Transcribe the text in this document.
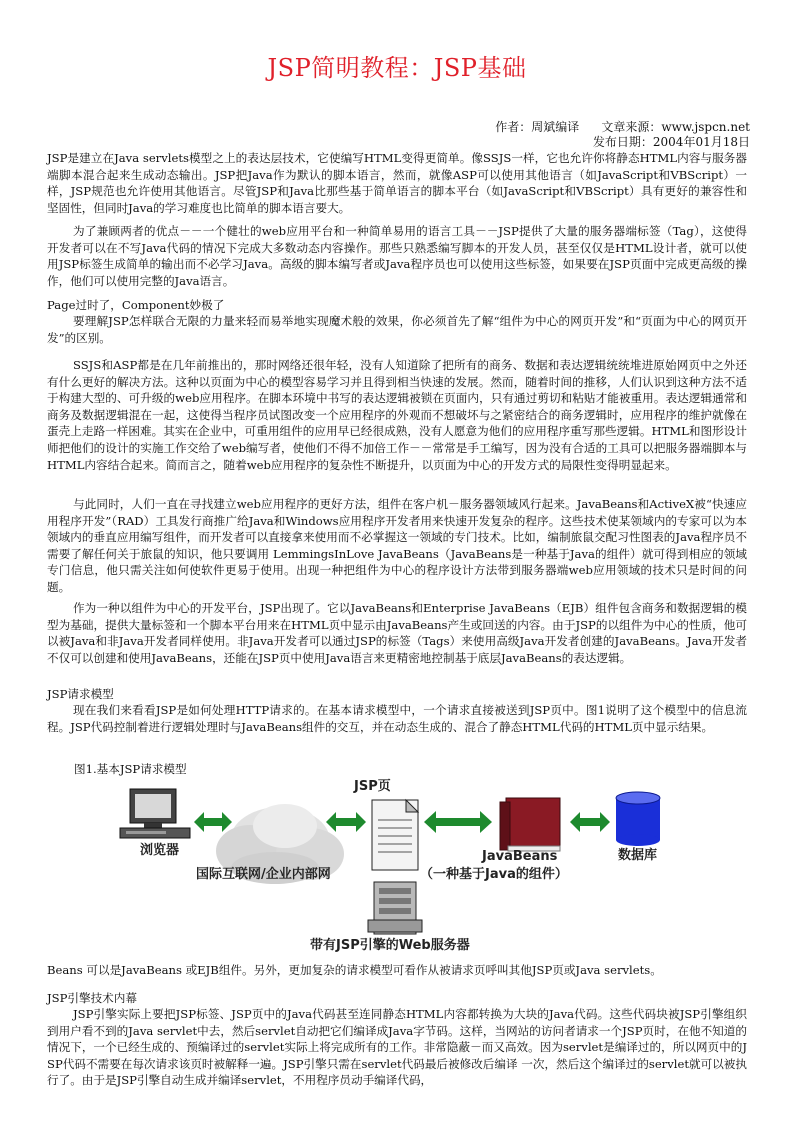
JSP简明教程：JSP基础
作者：周斌编译 文章来源：www.jspcn.net
发布日期：2004年01月18日
JSP是建立在Java servlets模型之上的表达层技术，它使编写HTML变得更简单。像SSJS一样，它也允许你将静态HTML内容与服务器端脚本混合起来生成动态输出。JSP把Java作为默认的脚本语言，然而，就像ASP可以使用其他语言（如JavaScript和VBScript）一样，JSP规范也允许使用其他语言。尽管JSP和Java比那些基于简单语言的脚本平台（如JavaScript和VBScript）具有更好的兼容性和坚固性，但同时Java的学习难度也比简单的脚本语言要大。
为了兼顾两者的优点－－一个健壮的web应用平台和一种简单易用的语言工具－－JSP提供了大量的服务器端标签（Tag），这使得开发者可以在不写Java代码的情况下完成大多数动态内容操作。那些只熟悉编写脚本的开发人员，甚至仅仅是HTML设计者，就可以使用JSP标签生成简单的输出而不必学习Java。高级的脚本编写者或Java程序员也可以使用这些标签，如果要在JSP页面中完成更高级的操作，他们可以使用完整的Java语言。
Page过时了，Component妙极了
要理解JSP怎样联合无限的力量来轻而易举地实现魔术般的效果，你必须首先了解“组件为中心的网页开发”和“页面为中心的网页开发”的区别。
SSJS和ASP都是在几年前推出的，那时网络还很年轻，没有人知道除了把所有的商务、数据和表达逻辑统统堆进原始网页中之外还有什么更好的解决方法。这种以页面为中心的模型容易学习并且得到相当快速的发展。然而，随着时间的推移，人们认识到这种方法不适于构建大型的、可升级的web应用程序。在脚本环境中书写的表达逻辑被锁在页面内，只有通过剪切和粘贴才能被重用。表达逻辑通常和商务及数据逻辑混在一起，这使得当程序员试图改变一个应用程序的外观而不想破坏与之紧密结合的商务逻辑时，应用程序的维护就像在蛋壳上走路一样困难。其实在企业中，可重用组件的应用早已经很成熟，没有人愿意为他们的应用程序重写那些逻辑。HTML和图形设计师把他们的设计的实施工作交给了web编写者，使他们不得不加倍工作－－常常是手工编写，因为没有合适的工具可以把服务器端脚本与HTML内容结合起来。简而言之，随着web应用程序的复杂性不断提升，以页面为中心的开发方式的局限性变得明显起来。
与此同时，人们一直在寻找建立web应用程序的更好方法，组件在客户机－服务器领域风行起来。JavaBeans和ActiveX被“快速应用程序开发”（RAD）工具发行商推广给Java和Windows应用程序开发者用来快速开发复杂的程序。这些技术使某领域内的专家可以为本领域内的垂直应用编写组件，而开发者可以直接拿来使用而不必掌握这一领域的专门技术。比如，编制旅鼠交配习性图表的Java程序员不需要了解任何关于旅鼠的知识，他只要调用 LemmingsInLove JavaBeans（JavaBeans是一种基于Java的组件）就可得到相应的领域专门信息，他只需关注如何使软件更易于使用。出现一种把组件为中心的程序设计方法带到服务器端web应用领域的技术只是时间的问题。
作为一种以组件为中心的开发平台，JSP出现了。它以JavaBeans和Enterprise JavaBeans（EJB）组件包含商务和数据逻辑的模型为基础，提供大量标签和一个脚本平台用来在HTML页中显示由JavaBeans产生或回送的内容。由于JSP的以组件为中心的性质，他可以被Java和非Java开发者同样使用。非Java开发者可以通过JSP的标签（Tags）来使用高级Java开发者创建的JavaBeans。Java开发者不仅可以创建和使用JavaBeans，还能在JSP页中使用Java语言来更精密地控制基于底层JavaBeans的表达逻辑。
JSP请求模型
现在我们来看看JSP是如何处理HTTP请求的。在基本请求模型中，一个请求直接被送到JSP页中。图1说明了这个模型中的信息流程。JSP代码控制着进行逻辑处理时与JavaBeans组件的交互，并在动态生成的、混合了静态HTML代码的HTML页中显示结果。
图1.基本JSP请求模型
浏览器
JSP页
数据库
国际互联网/企业内部网
JavaBeans
（一种基于Java的组件）
带有JSP引擎的Web服务器
Beans 可以是JavaBeans 或EJB组件。另外，更加复杂的请求模型可看作从被请求页呼叫其他JSP页或Java servlets。
JSP引擎技术内幕
JSP引擎实际上要把JSP标签、JSP页中的Java代码甚至连同静态HTML内容都转换为大块的Java代码。这些代码块被JSP引擎组织到用户看不到的Java servlet中去，然后servlet自动把它们编译成Java字节码。这样，当网站的访问者请求一个JSP页时，在他不知道的情况下，一个已经生成的、预编译过的servlet实际上将完成所有的工作。非常隐蔽－而又高效。因为servlet是编译过的，所以网页中的JSP代码不需要在每次请求该页时被解释一遍。JSP引擎只需在servlet代码最后被修改后编译 一次，然后这个编译过的servlet就可以被执行了。由于是JSP引擎自动生成并编译servlet，不用程序员动手编译代码，
